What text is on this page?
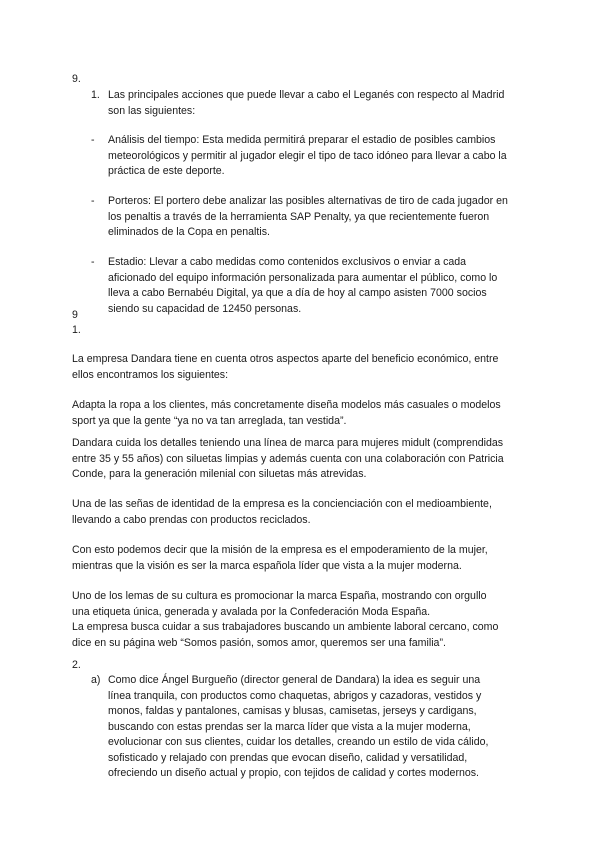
9.

1. Las principales acciones que puede llevar a cabo el Leganés con respecto al Madrid
son las siguientes:
- Análisis del tiempo: Esta medida permitirá preparar el estadio de posibles cambios
meteorológicos y permitir al jugador elegir el tipo de taco idóneo para llevar a cabo la
práctica de este deporte.
- Porteros: El portero debe analizar las posibles alternativas de tiro de cada jugador en
los penaltis a través de la herramienta SAP Penalty, ya que recientemente fueron
eliminados de la Copa en penaltis.
- Estadio: Llevar a cabo medidas como contenidos exclusivos o enviar a cada
aficionado del equipo información personalizada para aumentar el público, como lo
lleva a cabo Bernabéu Digital, ya que a día de hoy al campo asisten 7000 socios
siendo su capacidad de 12450 personas.

9

1.

La empresa Dandara tiene en cuenta otros aspectos aparte del beneficio económico, entre
ellos encontramos los siguientes:
Adapta la ropa a los clientes, más concretamente diseña modelos más casuales o modelos
sport ya que la gente “ya no va tan arreglada, tan vestida”.
Dandara cuida los detalles teniendo una línea de marca para mujeres midult (comprendidas
entre 35 y 55 años) con siluetas limpias y además cuenta con una colaboración con Patricia
Conde, para la generación milenial con siluetas más atrevidas.
Una de las señas de identidad de la empresa es la concienciación con el medioambiente,
llevando a cabo prendas con productos reciclados.
Con esto podemos decir que la misión de la empresa es el empoderamiento de la mujer,
mientras que la visión es ser la marca española líder que vista a la mujer moderna.
Uno de los lemas de su cultura es promocionar la marca España, mostrando con orgullo
una etiqueta única, generada y avalada por la Confederación Moda España.
La empresa busca cuidar a sus trabajadores buscando un ambiente laboral cercano, como
dice en su página web “Somos pasión, somos amor, queremos ser una familia”.

2.

a) Como dice Ángel Burgueño (director general de Dandara) la idea es seguir una
línea tranquila, con productos como chaquetas, abrigos y cazadoras, vestidos y
monos, faldas y pantalones, camisas y blusas, camisetas, jerseys y cardigans,
buscando con estas prendas ser la marca líder que vista a la mujer moderna,
evolucionar con sus clientes, cuidar los detalles, creando un estilo de vida cálido,
sofisticado y relajado con prendas que evocan diseño, calidad y versatilidad,
ofreciendo un diseño actual y propio, con tejidos de calidad y cortes modernos.
